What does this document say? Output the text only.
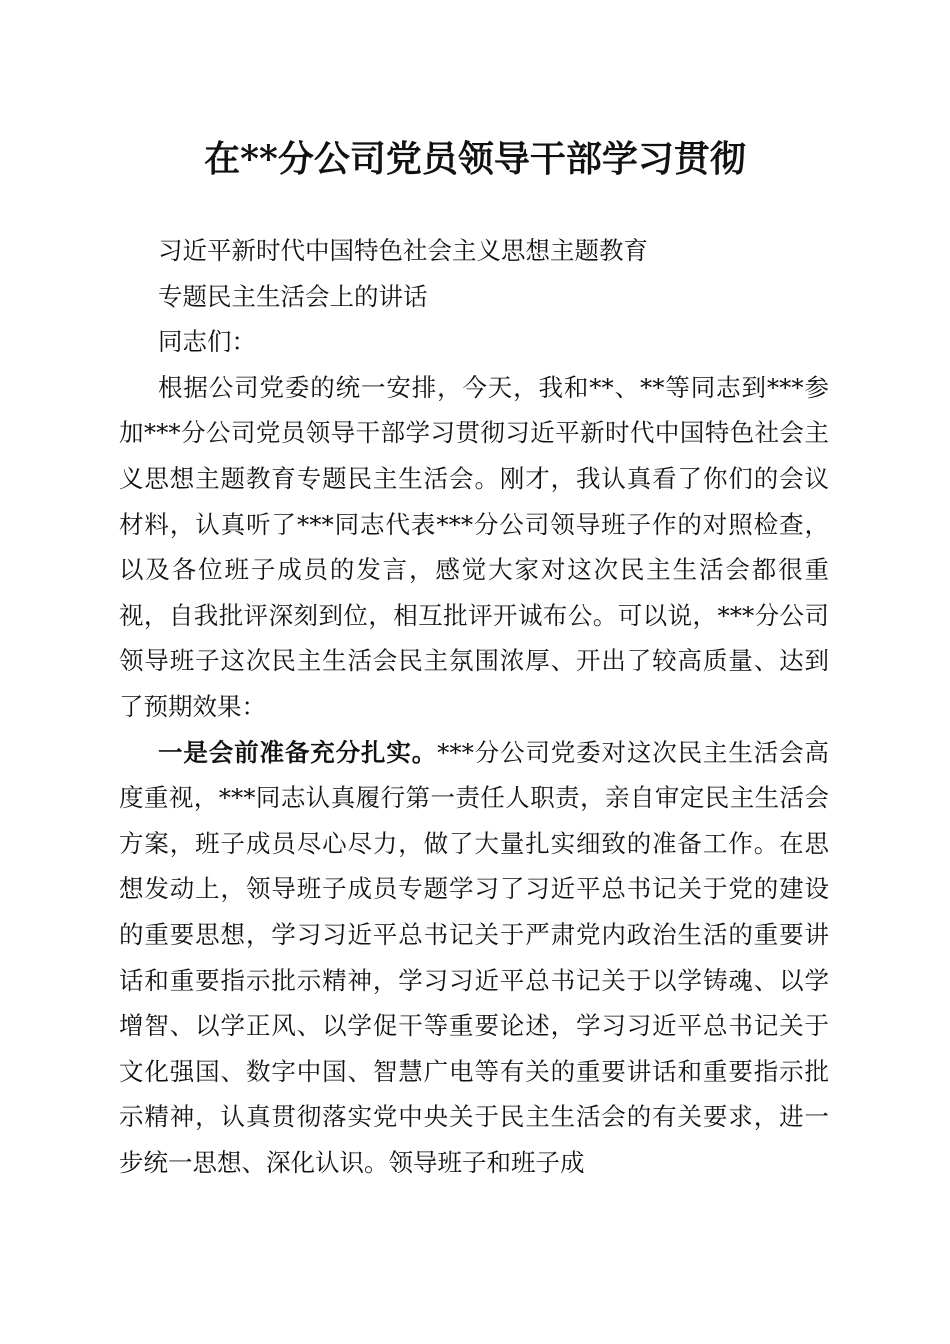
在**分公司党员领导干部学习贯彻

习近平新时代中国特色社会主义思想主题教育

专题民主生活会上的讲话

同志们：

根据公司党委的统一安排，今天，我和**、**等同志到***参加***分公司党员领导干部学习贯彻习近平新时代中国特色社会主义思想主题教育专题民主生活会。刚才，我认真看了你们的会议材料，认真听了***同志代表***分公司领导班子作的对照检查，以及各位班子成员的发言，感觉大家对这次民主生活会都很重视，自我批评深刻到位，相互批评开诚布公。可以说，***分公司领导班子这次民主生活会民主氛围浓厚、开出了较高质量、达到了预期效果：

一是会前准备充分扎实。***分公司党委对这次民主生活会高度重视，***同志认真履行第一责任人职责，亲自审定民主生活会方案，班子成员尽心尽力，做了大量扎实细致的准备工作。在思想发动上，领导班子成员专题学习了习近平总书记关于党的建设的重要思想，学习习近平总书记关于严肃党内政治生活的重要讲话和重要指示批示精神，学习习近平总书记关于以学铸魂、以学增智、以学正风、以学促干等重要论述，学习习近平总书记关于文化强国、数字中国、智慧广电等有关的重要讲话和重要指示批示精神，认真贯彻落实党中央关于民主生活会的有关要求，进一步统一思想、深化认识。领导班子和班子成
